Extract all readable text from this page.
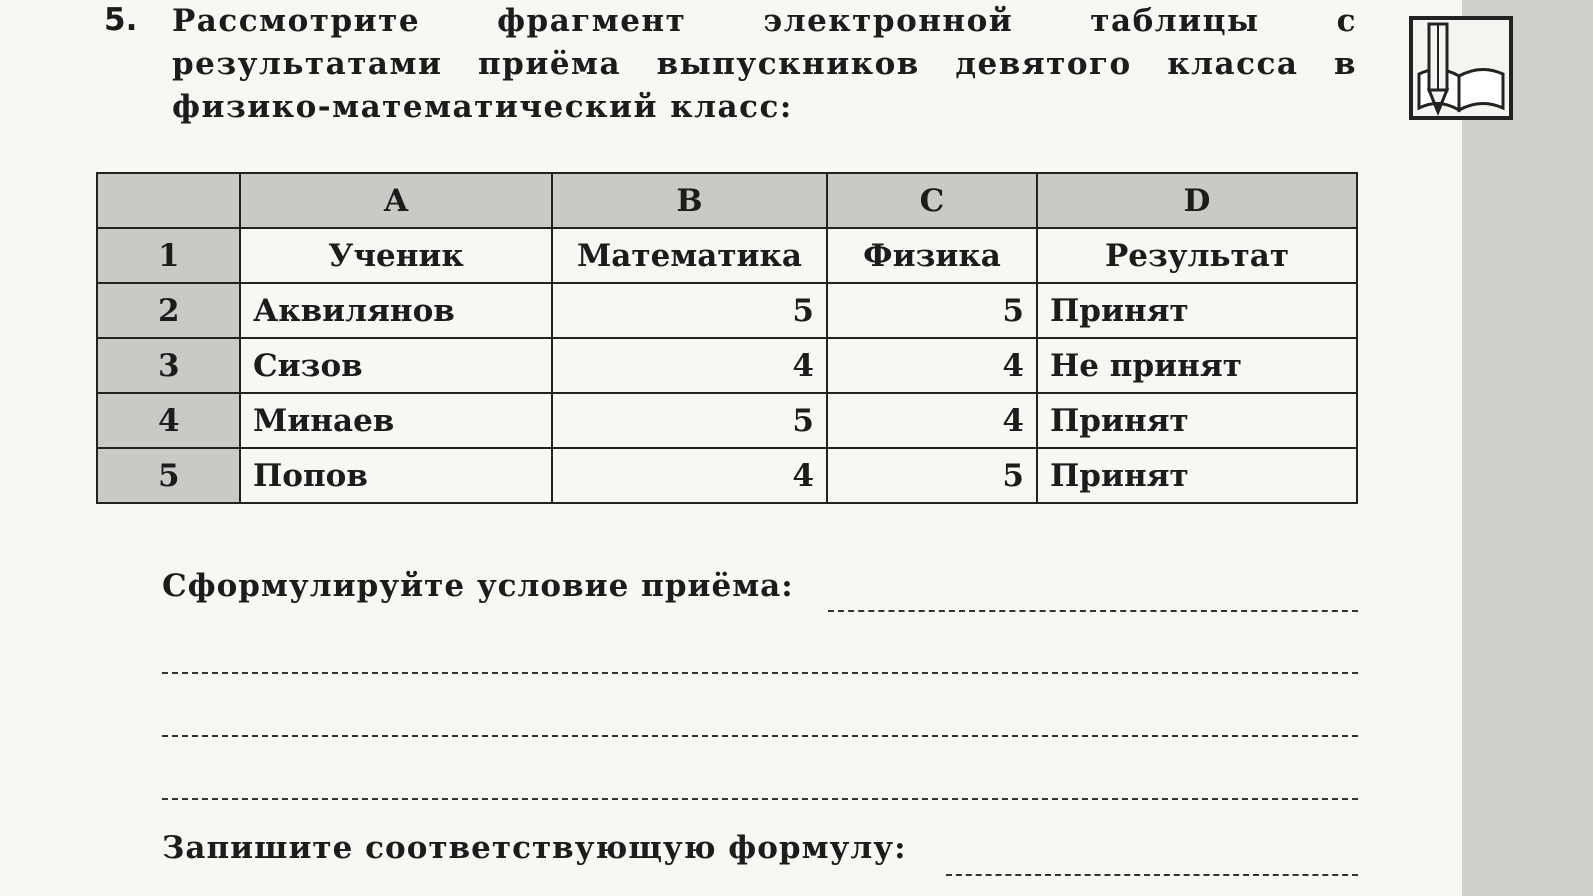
5. Рассмотрите фрагмент электронной таблицы с результатами приёма выпускников девятого класса в физико-математический класс:

	A	B	C	D
1	Ученик	Математика	Физика	Результат
2	Аквилянов	5	5	Принят
3	Сизов	4	4	Не принят
4	Минаев	5	4	Принят
5	Попов	4	5	Принят

Сформулируйте условие приёма:

Запишите соответствующую формулу:
